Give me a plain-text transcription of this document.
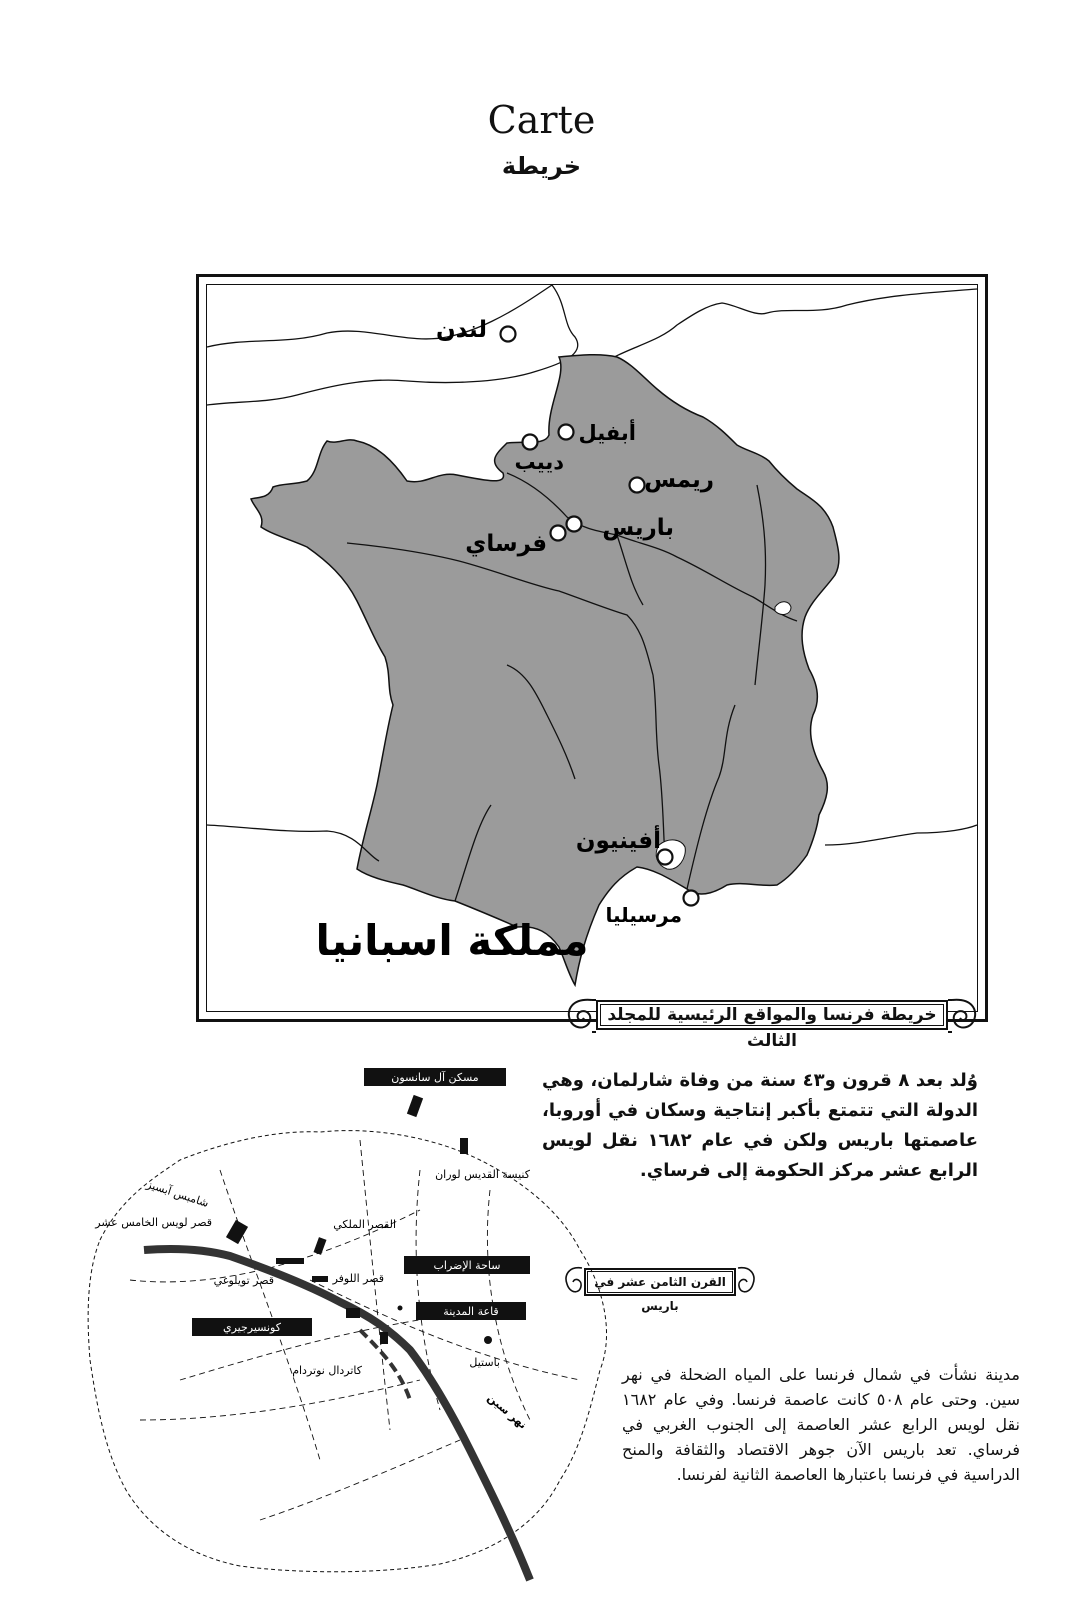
Carte
خريطة
لندن
أبفيل
دييب
ريمس
باريس
فرساي
أفينيون
مرسيليا
مملكة اسبانيا
خريطة فرنسا والمواقع الرئيسية للمجلد الثالث
وُلد بعد ٨ قرون و٤٣ سنة من وفاة شارلمان، وهي الدولة التي تتمتع بأكبر إنتاجية وسكان في أوروبا، عاصمتها باريس ولكن في عام ١٦٨٢ نقل لويس الرابع عشر مركز الحكومة إلى فرساي.
القرن الثامن عشر في باريس
مسكن آل سانسون
ساحة الإضراب
قاعة المدينة
كونسيرجيري
كنيسة القديس لوران
شامبس آبسيز
قصر لويس الخامس عشر	القصر الملكي
قصر تويلوغي	قصر اللوفر
كاتردال نوتردام
باستيل
نهر سين
مدينة نشأت في شمال فرنسا على المياه الضحلة في نهر سين. وحتى عام ٥٠٨ كانت عاصمة فرنسا. وفي عام ١٦٨٢ نقل لويس الرابع عشر العاصمة إلى الجنوب الغربي في فرساي. تعد باريس الآن جوهر الاقتصاد والثقافة والمنح الدراسية في فرنسا باعتبارها العاصمة الثانية لفرنسا.
